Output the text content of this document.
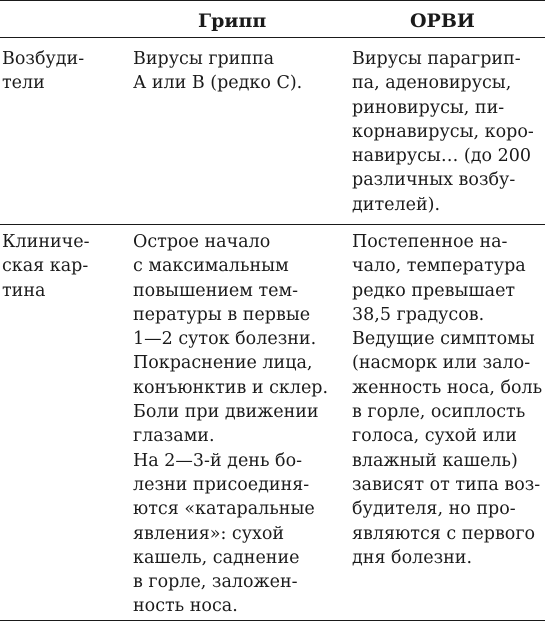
Грипп	ОРВИ
Возбуди-
тели
Вирусы гриппа
А или В (редко С).
Вирусы парагрип-
па, аденовирусы,
риновирусы, пи-
корнавирусы, коро-
навирусы… (до 200
различных возбу-
дителей).
Клиниче-
ская кар-
тина
Острое начало
с максимальным
повышением тем-
пературы в первые
1—2 суток болезни.
Покраснение лица,
конъюнктив и склер.
Боли при движении
глазами.
На 2—3-й день бо-
лезни присоединя-
ются «катаральные
явления»: сухой
кашель, саднение
в горле, заложен-
ность носа.
Постепенное на-
чало, температура
редко превышает
38,5 градусов.
Ведущие симптомы
(насморк или зало-
женность носа, боль
в горле, осиплость
голоса, сухой или
влажный кашель)
зависят от типа воз-
будителя, но про-
являются с первого
дня болезни.
